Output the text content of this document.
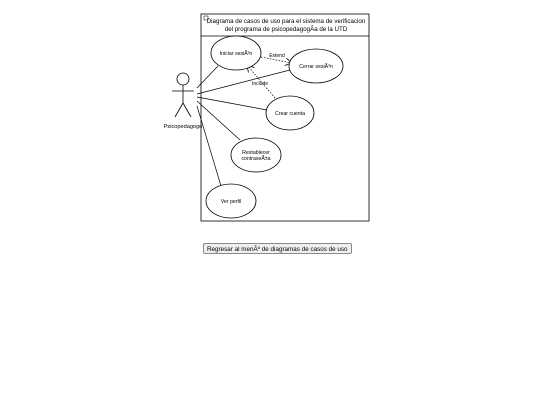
Diagrama de casos de uso para el sistema de verificacion
del programa de psicopedagogÃa de la UTD
Psicopedagogo
Extend
Include
Iniciar sesiÃ³n
Cerrar sesiÃ³n
Crear cuenta
Restablecer
contraseÃ±a
Ver perfil
Regresar al menÃº de diagramas de casos de uso
